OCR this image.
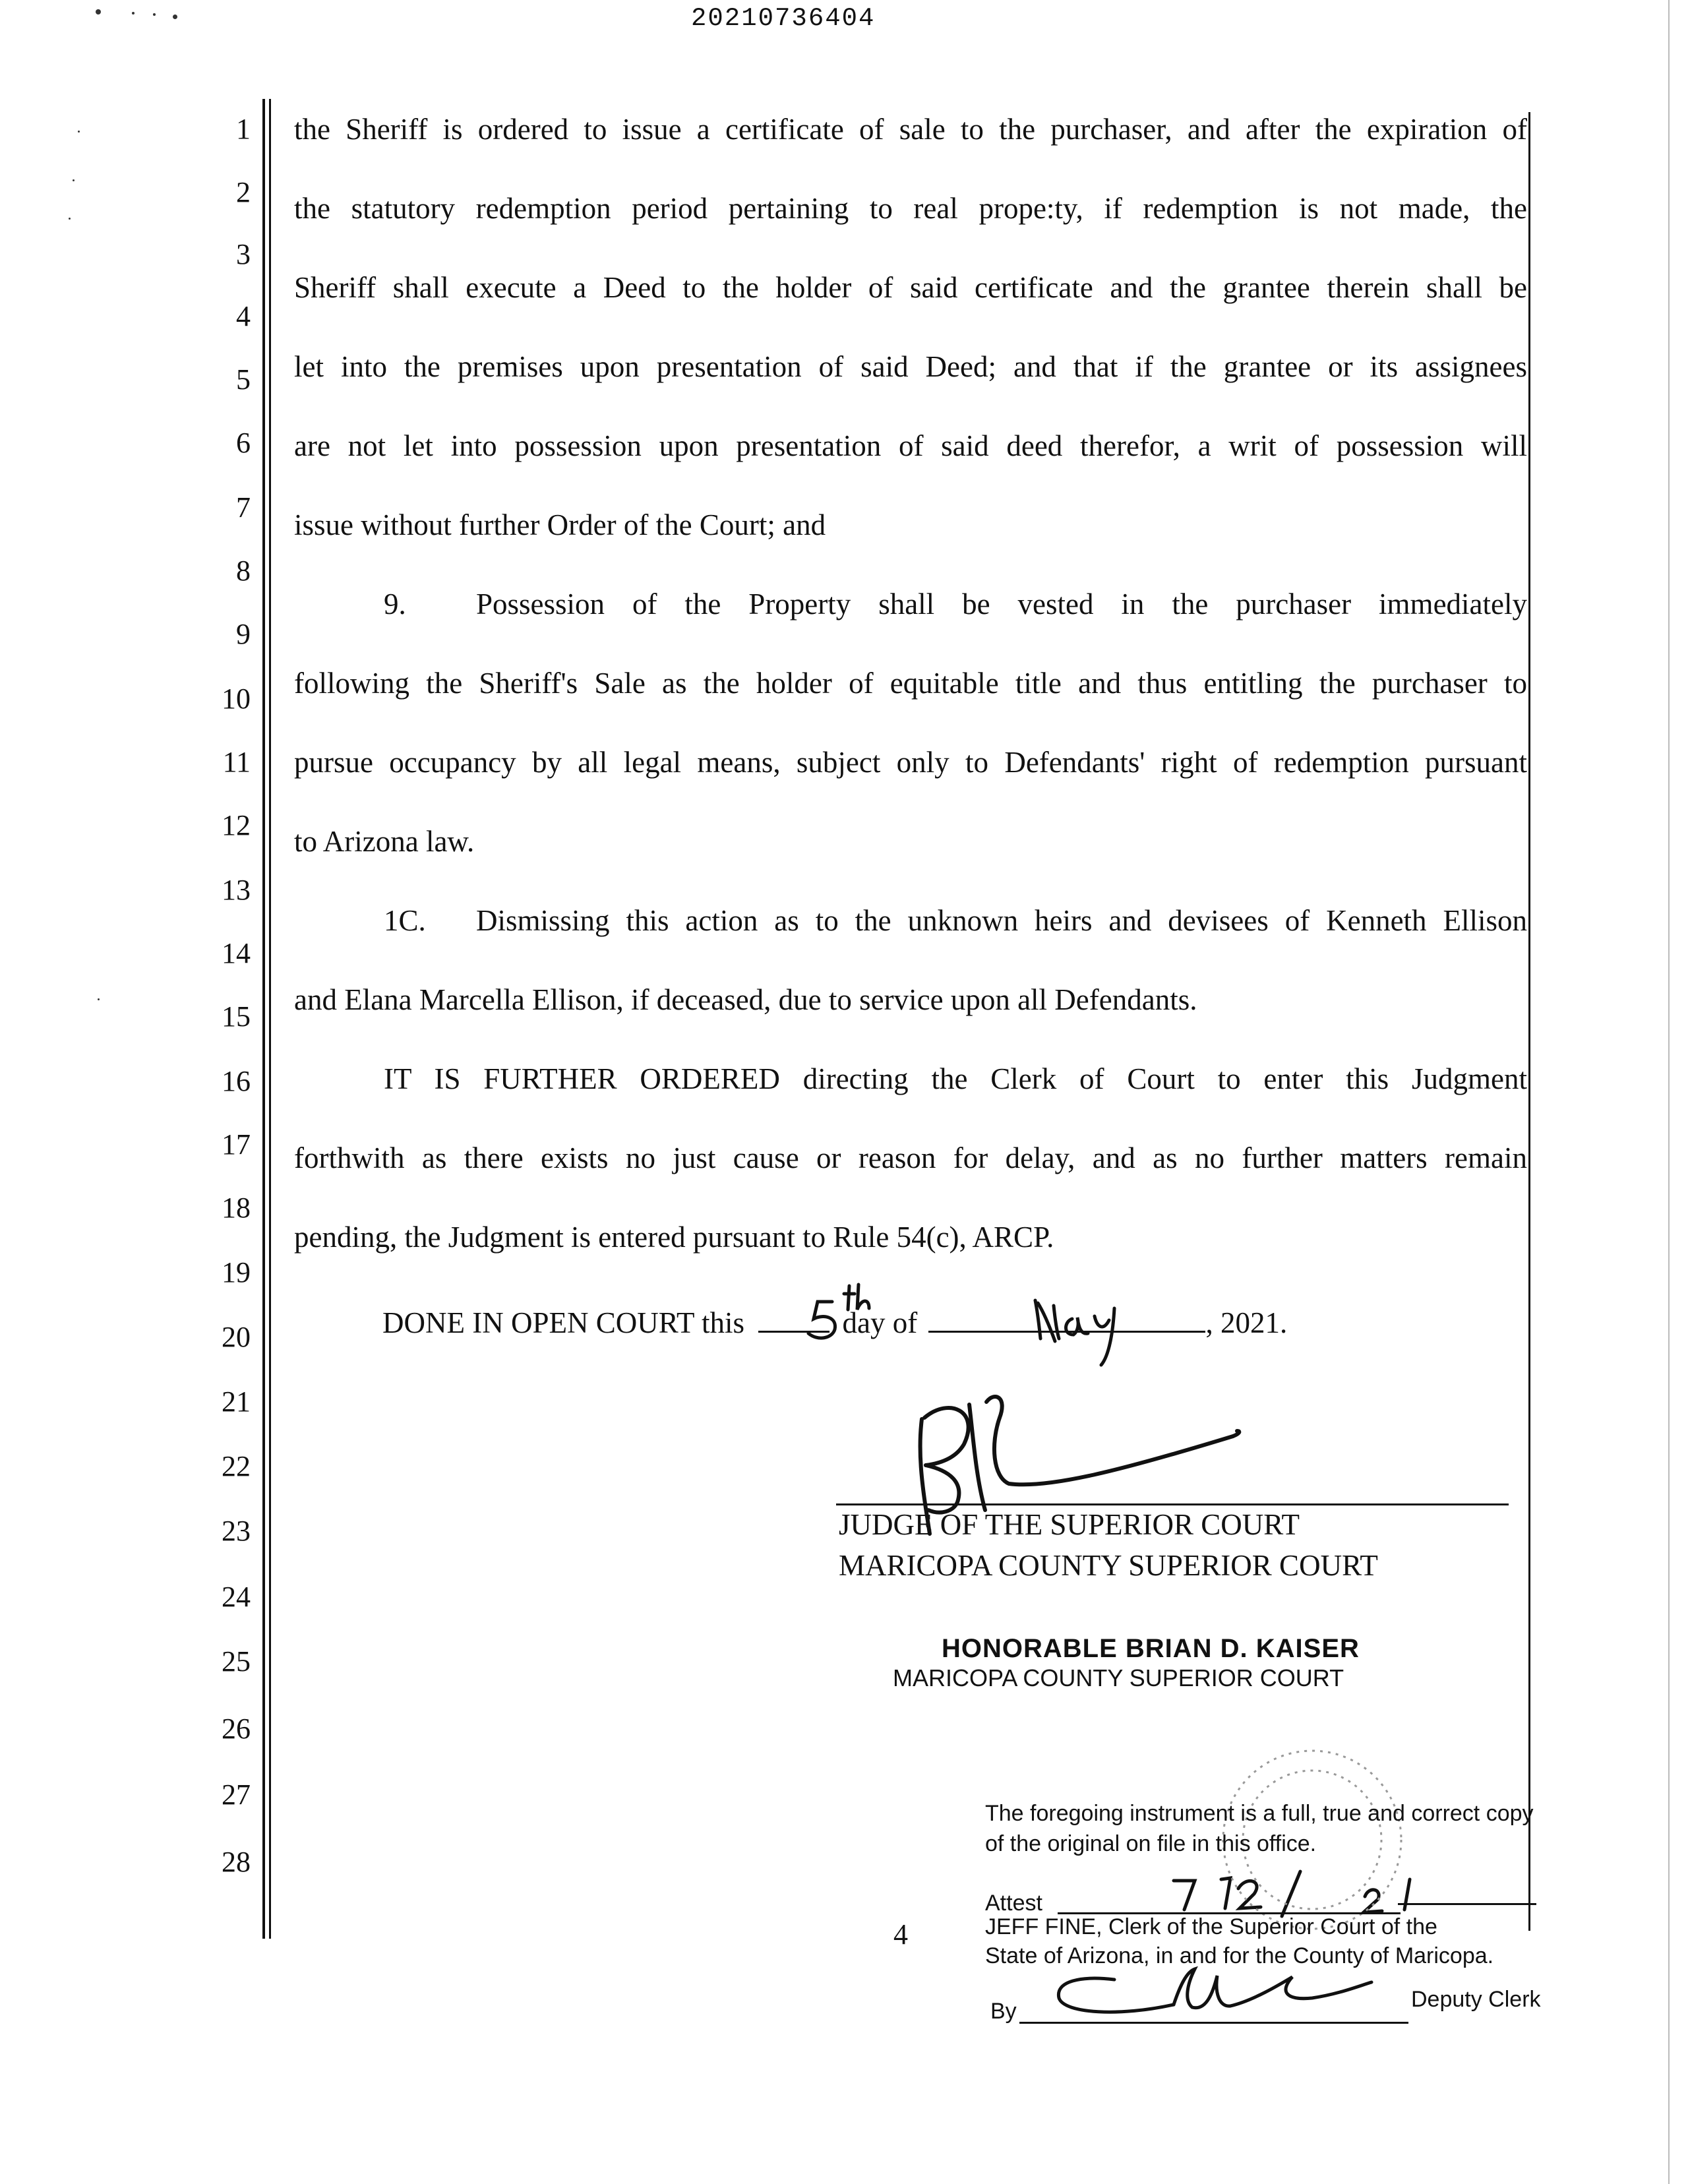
20210736404
1
2
3
4
5
6
7
8
9
10
11
12
13
14
15
16
17
18
19
20
21
22
23
24
25
26
27
28
the Sheriff is ordered to issue a certificate of sale to the purchaser, and after the expiration of
the statutory redemption period pertaining to real prope:ty, if redemption is not made, the
Sheriff shall execute a Deed to the holder of said certificate and the grantee therein shall be
let into the premises upon presentation of said Deed; and that if the grantee or its assignees
are not let into possession upon presentation of said deed therefor, a writ of possession will
issue without further Order of the Court; and
9. Possession of the Property shall be vested in the purchaser immediately
following the Sheriff's Sale as the holder of equitable title and thus entitling the purchaser to
pursue occupancy by all legal means, subject only to Defendants' right of redemption pursuant
to Arizona law.
1C. Dismissing this action as to the unknown heirs and devisees of Kenneth Ellison
and Elana Marcella Ellison, if deceased, due to service upon all Defendants.
IT IS FURTHER ORDERED directing the Clerk of Court to enter this Judgment
forthwith as there exists no just cause or reason for delay, and as no further matters remain
pending, the Judgment is entered pursuant to Rule 54(c), ARCP.
DONE IN OPEN COURT this	day of	, 2021.
JUDGE OF THE SUPERIOR COURT
MARICOPA COUNTY SUPERIOR COURT
HONORABLE BRIAN D. KAISER
MARICOPA COUNTY SUPERIOR COURT
The foregoing instrument is a full, true and correct copy
of the original on file in this office.
Attest
JEFF FINE, Clerk of the Superior Court of the
State of Arizona, in and for the County of Maricopa.
By	Deputy Clerk
4
